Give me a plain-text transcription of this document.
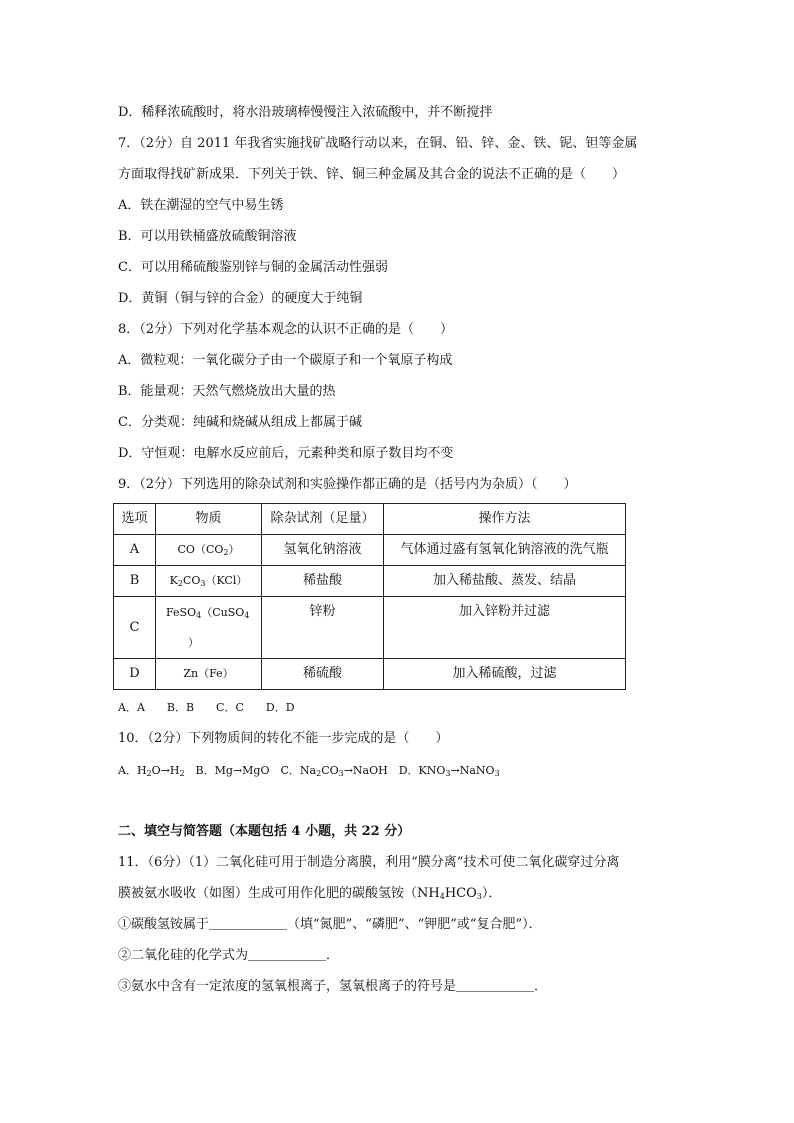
D．稀释浓硫酸时，将水沿玻璃棒慢慢注入浓硫酸中，并不断搅拌
7．（2分）自 2011 年我省实施找矿战略行动以来，在铜、铅、锌、金、铁、铌、钽等金属
方面取得找矿新成果．下列关于铁、锌、铜三种金属及其合金的说法不正确的是（　　）
A．铁在潮湿的空气中易生锈
B．可以用铁桶盛放硫酸铜溶液
C．可以用稀硫酸鉴别锌与铜的金属活动性强弱
D．黄铜（铜与锌的合金）的硬度大于纯铜
8．（2分）下列对化学基本观念的认识不正确的是（　　）
A．微粒观：一氧化碳分子由一个碳原子和一个氧原子构成
B．能量观：天然气燃烧放出大量的热
C．分类观：纯碱和烧碱从组成上都属于碱
D．守恒观：电解水反应前后，元素种类和原子数目均不变
9．（2分）下列选用的除杂试剂和实验操作都正确的是（括号内为杂质）（　　）
选项	物质	除杂试剂（足量）	操作方法
A	$CO(CO_2)$	氢氧化钠溶液	气体通过盛有氢氧化钠溶液的洗气瓶
B	$K_2CO_3(KCl)$	稀盐酸	加入稀盐酸、蒸发、结晶
C	FeSO$_4$（CuSO$_4$
）	锌粉	加入锌粉并过滤
D	Zn（Fe）	稀硫酸	加入稀硫酸，过滤
A．A　　B．B　　C．C　　D．D
10．（2分）下列物质间的转化不能一步完成的是（　　）
A．$H_2O\to H_2$　B．Mg→MgO　C．$Na_2CO_3\to NaOH$　D．$KNO_3\to NaNO_3$
二、填空与简答题（本题包括 4 小题，共 22 分）
11．（6分）（1）二氧化硅可用于制造分离膜，利用“膜分离”技术可使二氧化碳穿过分离
膜被氨水吸收（如图）生成可用作化肥的碳酸氢铵$(NH_4HCO_3)$．
①碳酸氢铵属于＿＿＿＿＿＿（填“氮肥”、“磷肥”、“钾肥”或“复合肥”）．
②二氧化硅的化学式为＿＿＿＿＿＿．
③氨水中含有一定浓度的氢氧根离子，氢氧根离子的符号是＿＿＿＿＿＿．
